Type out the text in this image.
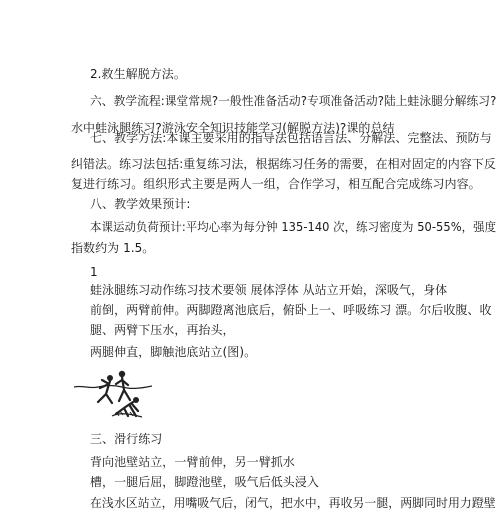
2.救生解脱方法。
六、教学流程:课堂常规?一般性准备活动?专项准备活动?陆上蛙泳腿分解练习?
水中蛙泳腿练习?游泳安全知识技能学习(解脱方法)?课的总结
七、教学方法:本课主要采用的指导法包括语言法、分解法、完整法、预防与
纠错法。练习法包括:重复练习法，根据练习任务的需要，在相对固定的内容下反
复进行练习。组织形式主要是两人一组，合作学习，相互配合完成练习内容。
八、教学效果预计:
本课运动负荷预计:平均心率为每分钟 135-140 次，练习密度为 50-55%，强度
指数约为 1.5。
1
蛙泳腿练习动作练习技术要领 展体浮体 从站立开始，深吸气，身体
前倒，两臂前伸。两脚蹬离池底后，俯卧上一、呼吸练习 漂。尔后收腹、收
腿、两臂下压水，再抬头，
两腿伸直，脚触池底站立(图)。
三、滑行练习
背向池壁站立，一臂前伸，另一臂抓水
槽，一腿后屈，脚蹬池壁，吸气后低头浸入
在浅水区站立，用嘴吸气后，闭气，把水中，再收另一腿，两脚同时用力蹬壁
